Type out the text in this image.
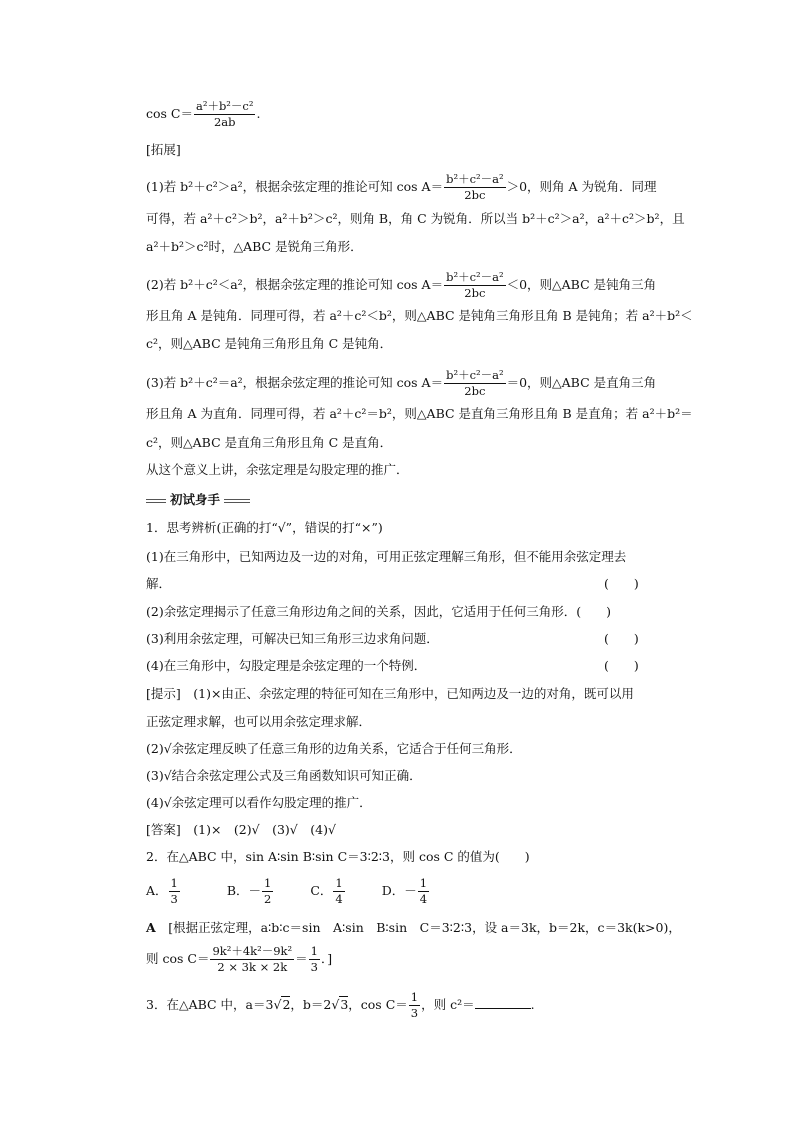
$\cos C= \frac{\text{a²＋b²－c²}}{2ab}$ .
[拓展]
(1)若 b²＋c²＞a²，根据余弦定理的推论可知 $\cos A= \frac{\text{b²＋c²－a²}}{2bc} >0$，则角 A 为锐角．同理
可得，若 a²＋c²＞b²，a²＋b²＞c²，则角 B，角 C 为锐角．所以当 b²＋c²＞a²，a²＋c²＞b²，且
a²＋b²＞c²时，△ABC 是锐角三角形．
(2)若 b²＋c²＜a²，根据余弦定理的推论可知 $\cos A= \frac{\text{b²＋c²－a²}}{2bc} <0$，则△ABC 是钝角三角
形且角 A 是钝角．同理可得，若 a²＋c²＜b²，则△ABC 是钝角三角形且角 B 是钝角；若 a²＋b²＜
c²，则△ABC 是钝角三角形且角 C 是钝角．
(3)若 b²＋c²＝a²，根据余弦定理的推论可知 $\cos A= \frac{\text{b²＋c²－a²}}{2bc} =0$，则△ABC 是直角三角
形且角 A 为直角．同理可得，若 a²＋c²＝b²，则△ABC 是直角三角形且角 B 是直角；若 a²＋b²＝
c²，则△ABC 是直角三角形且角 C 是直角．
从这个意义上讲，余弦定理是勾股定理的推广．
初试身手
1．思考辨析(正确的打“√”，错误的打“×”)
(1)在三角形中，已知两边及一边的对角，可用正弦定理解三角形，但不能用余弦定理去
解．	(　　)
(2)余弦定理揭示了任意三角形边角之间的关系，因此，它适用于任何三角形．(　　)
(3)利用余弦定理，可解决已知三角形三边求角问题．	(　　)
(4)在三角形中，勾股定理是余弦定理的一个特例．	(　　)
[提示]　(1)×由正、余弦定理的特征可知在三角形中，已知两边及一边的对角，既可以用
正弦定理求解，也可以用余弦定理求解．
(2)√余弦定理反映了任意三角形的边角关系，它适合于任何三角形．
(3)√结合余弦定理公式及三角函数知识可知正确．
(4)√余弦定理可以看作勾股定理的推广．
[答案]　(1)×　(2)√　(3)√　(4)√
2．在△ABC 中，sin A∶sin B∶sin C＝3∶2∶3，则 cos C 的值为(　　)
A． $\frac{1}{3}$	B．－ $\frac{1}{2}$	C． $\frac{1}{4}$	D．－ $\frac{1}{4}$
A　[根据正弦定理，a∶b∶c＝sin　A∶sin　B∶sin　C＝3∶2∶3，设 a＝3k，b＝2k，c＝3k(k>0)，
则 $\cos C= \frac{\text{9k²＋4k²－9k²}}{2 \times 3k \times 2k} = \frac{1}{3}$ ．]
3．在△ABC 中，a＝3√2，b＝2√3，$\cos C= \frac{1}{3}$ ，则 c²＝	.
